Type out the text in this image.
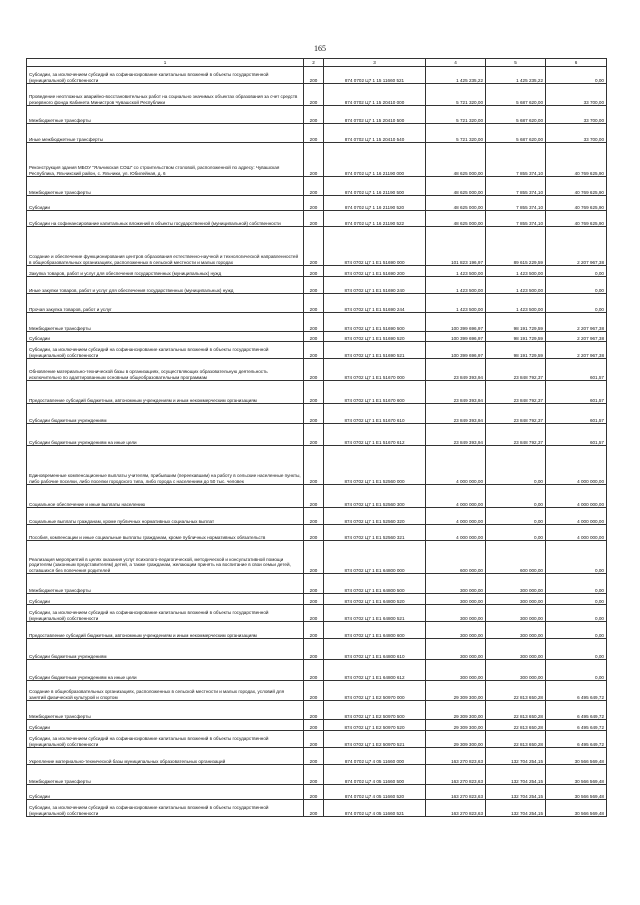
165
1	2	3	4	5	6
Субсидии, за исключением субсидий на софинансирование капитальных вложений в объекты государственной (муниципальной) собственности	200	874 0702 Ц7 1 15 11660 521	1 425 235,22	1 425 235,22	0,00
Проведение неотложных аварийно-восстановительных работ на социально значимых объектах образования за счет средств резервного фонда Кабинета Министров Чувашской Республики	200	874 0702 Ц7 1 15 20410 000	5 721 320,00	5 687 620,00	33 700,00
Межбюджетные трансферты	200	874 0702 Ц7 1 15 20410 500	5 721 320,00	5 687 620,00	33 700,00
Иные межбюджетные трансферты	200	874 0702 Ц7 1 15 20410 540	5 721 320,00	5 687 620,00	33 700,00
Реконструкция здания МБОУ "Яльчикская СОШ" со строительством столовой, расположенной по адресу: Чувашская Республика, Яльчикский район, с. Яльчики, ул. Юбилейная, д. 6	200	874 0702 Ц7 1 16 21190 000	48 625 000,00	7 855 374,10	40 769 625,90
Межбюджетные трансферты	200	874 0702 Ц7 1 16 21190 500	48 625 000,00	7 855 374,10	40 769 625,90
Субсидии	200	874 0702 Ц7 1 16 21190 520	48 625 000,00	7 855 374,10	40 769 625,90
Субсидии на софинансирование капитальных вложений в объекты государственной (муниципальной) собственности	200	874 0702 Ц7 1 16 21190 522	48 625 000,00	7 855 374,10	40 769 625,90
Создание и обеспечение функционирования центров образования естественно-научной и технологической направленностей в общеобразовательных организациях, расположенных в сельской местности и малых городах	200	874 0702 Ц7 1 E1 51690 000	101 823 196,97	89 615 229,59	2 207 967,38
Закупка товаров, работ и услуг для обеспечения государственных (муниципальных) нужд	200	874 0702 Ц7 1 E1 51690 200	1 423 500,00	1 423 500,00	0,00
Иные закупки товаров, работ и услуг для обеспечения государственных (муниципальных) нужд	200	874 0702 Ц7 1 E1 51690 240	1 423 500,00	1 423 500,00	0,00
Прочая закупка товаров, работ и услуг	200	874 0702 Ц7 1 E1 51690 244	1 423 500,00	1 423 500,00	0,00
Межбюджетные трансферты	200	874 0702 Ц7 1 E1 51690 500	100 399 696,97	98 191 729,59	2 207 967,38
Субсидии	200	874 0702 Ц7 1 E1 51690 520	100 399 696,97	98 191 729,59	2 207 967,38
Субсидии, за исключением субсидий на софинансирование капитальных вложений в объекты государственной (муниципальной) собственности	200	874 0702 Ц7 1 E1 51690 521	100 399 696,97	98 191 729,59	2 207 967,38
Обновление материально-технической базы в организациях, осуществляющих образовательную деятельность исключительно по адаптированным основным общеобразовательным программам	200	874 0702 Ц7 1 E1 51670 000	23 849 393,94	23 848 792,37	601,57
Предоставление субсидий бюджетным, автономным учреждениям и иным некоммерческим организациям	200	874 0702 Ц7 1 E1 51670 600	23 849 393,94	23 848 792,37	601,57
Субсидии бюджетным учреждениям	200	874 0702 Ц7 1 E1 51670 610	23 849 393,94	23 848 792,37	601,57
Субсидии бюджетным учреждениям на иные цели	200	874 0702 Ц7 1 E1 51670 612	23 849 393,94	23 848 792,37	601,57
Единовременные компенсационные выплаты учителям, прибывшим (переехавшим) на работу в сельские населенные пункты, либо рабочие поселки, либо поселки городского типа, либо города с населением до 50 тыс. человек	200	874 0702 Ц7 1 E1 52560 000	4 000 000,00	0,00	4 000 000,00
Социальное обеспечение и иные выплаты населению	200	874 0702 Ц7 1 E1 52560 300	4 000 000,00	0,00	4 000 000,00
Социальные выплаты гражданам, кроме публичных нормативных социальных выплат	200	874 0702 Ц7 1 E1 52560 320	4 000 000,00	0,00	4 000 000,00
Пособия, компенсации и иные социальные выплаты гражданам, кроме публичных нормативных обязательств	200	874 0702 Ц7 1 E1 52560 321	4 000 000,00	0,00	4 000 000,00
Реализация мероприятий в целях оказания услуг психолого-педагогической, методической и консультативной помощи родителям (законным представителям) детей, а также гражданам, желающим принять на воспитание в свои семьи детей, оставшихся без попечения родителей	200	874 0702 Ц7 1 E1 64800 000	600 000,00	600 000,00	0,00
Межбюджетные трансферты	200	874 0702 Ц7 1 E1 64800 500	300 000,00	300 000,00	0,00
Субсидии	200	874 0702 Ц7 1 E1 64800 520	300 000,00	300 000,00	0,00
Субсидии, за исключением субсидий на софинансирование капитальных вложений в объекты государственной (муниципальной) собственности	200	874 0702 Ц7 1 E1 64800 521	300 000,00	300 000,00	0,00
Предоставление субсидий бюджетным, автономным учреждениям и иным некоммерческим организациям	200	874 0702 Ц7 1 E1 64800 600	300 000,00	300 000,00	0,00
Субсидии бюджетным учреждениям	200	874 0702 Ц7 1 E1 64800 610	300 000,00	300 000,00	0,00
Субсидии бюджетным учреждениям на иные цели	200	874 0702 Ц7 1 E1 64800 612	300 000,00	300 000,00	0,00
Создание в общеобразовательных организациях, расположенных в сельской местности и малых городах, условий для занятий физической культурой и спортом	200	874 0702 Ц7 1 E2 50970 000	29 309 300,00	22 813 650,28	6 495 649,72
Межбюджетные трансферты	200	874 0702 Ц7 1 E2 50970 500	29 309 300,00	22 813 650,28	6 495 649,72
Субсидии	200	874 0702 Ц7 1 E2 50970 520	29 309 300,00	22 813 650,28	6 495 649,72
Субсидии, за исключением субсидий на софинансирование капитальных вложений в объекты государственной (муниципальной) собственности	200	874 0702 Ц7 1 E2 50970 521	29 309 300,00	22 813 650,28	6 495 649,72
Укрепление материально-технической базы муниципальных образовательных организаций	200	874 0702 Ц7 4 05 11660 000	163 270 823,63	132 704 254,15	30 566 569,48
Межбюджетные трансферты	200	874 0702 Ц7 4 05 11660 500	163 270 823,63	132 704 254,15	30 566 569,48
Субсидии	200	874 0702 Ц7 4 05 11660 520	163 270 823,63	132 704 254,15	30 566 569,48
Субсидии, за исключением субсидий на софинансирование капитальных вложений в объекты государственной (муниципальной) собственности	200	874 0702 Ц7 4 05 11660 521	163 270 823,63	132 704 254,15	30 566 569,48
